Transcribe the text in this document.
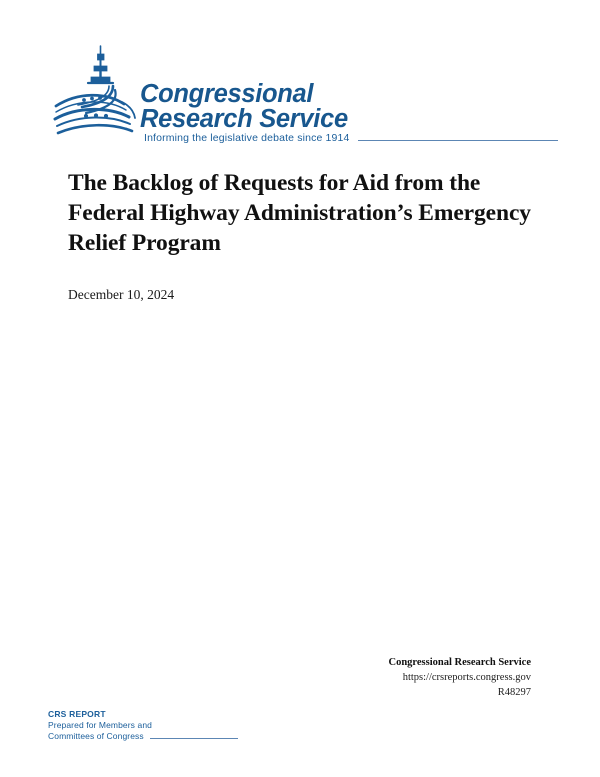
Congressional
Research Service
Informing the legislative debate since 1914
The Backlog of Requests for Aid from the Federal Highway Administration’s Emergency Relief Program

December 10, 2024

Congressional Research Service
https://crsreports.congress.gov
R48297
CRS REPORT
Prepared for Members and
Committees of Congress
